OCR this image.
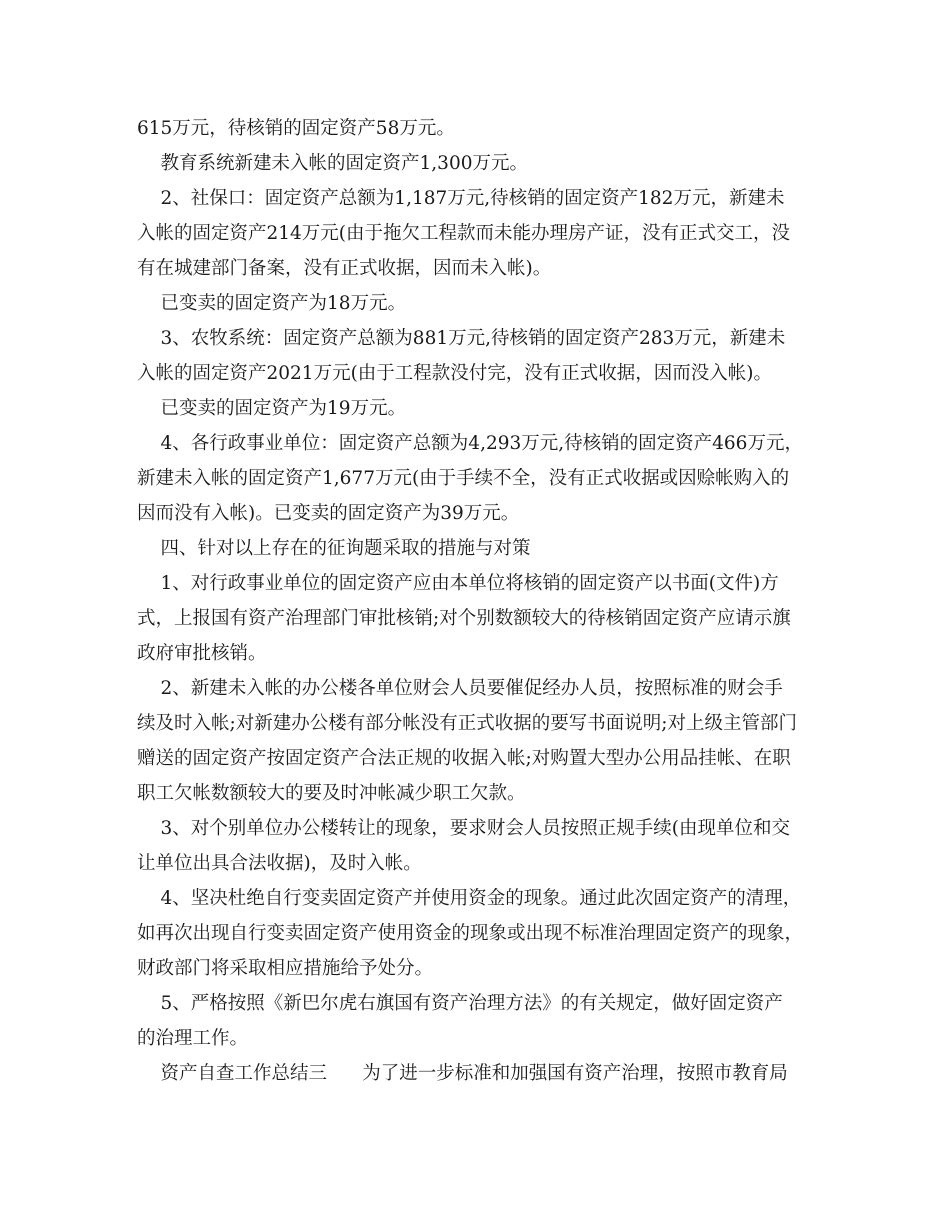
615万元，待核销的固定资产58万元。
教育系统新建未入帐的固定资产1,300万元。
2、社保口：固定资产总额为1,187万元,待核销的固定资产182万元，新建未
入帐的固定资产214万元(由于拖欠工程款而未能办理房产证，没有正式交工，没
有在城建部门备案，没有正式收据，因而未入帐)。
已变卖的固定资产为18万元。
3、农牧系统：固定资产总额为881万元,待核销的固定资产283万元，新建未
入帐的固定资产2021万元(由于工程款没付完，没有正式收据，因而没入帐)。
已变卖的固定资产为19万元。
4、各行政事业单位：固定资产总额为4,293万元,待核销的固定资产466万元，
新建未入帐的固定资产1,677万元(由于手续不全，没有正式收据或因赊帐购入的
因而没有入帐)。已变卖的固定资产为39万元。
四、针对以上存在的征询题采取的措施与对策
1、对行政事业单位的固定资产应由本单位将核销的固定资产以书面(文件)方
式，上报国有资产治理部门审批核销;对个别数额较大的待核销固定资产应请示旗
政府审批核销。
2、新建未入帐的办公楼各单位财会人员要催促经办人员，按照标准的财会手
续及时入帐;对新建办公楼有部分帐没有正式收据的要写书面说明;对上级主管部门
赠送的固定资产按固定资产合法正规的收据入帐;对购置大型办公用品挂帐、在职
职工欠帐数额较大的要及时冲帐减少职工欠款。
3、对个别单位办公楼转让的现象，要求财会人员按照正规手续(由现单位和交
让单位出具合法收据)，及时入帐。
4、坚决杜绝自行变卖固定资产并使用资金的现象。通过此次固定资产的清理，
如再次出现自行变卖固定资产使用资金的现象或出现不标准治理固定资产的现象，
财政部门将采取相应措施给予处分。
5、严格按照《新巴尔虎右旗国有资产治理方法》的有关规定，做好固定资产
的治理工作。
资产自查工作总结三      为了进一步标准和加强国有资产治理，按照市教育局
